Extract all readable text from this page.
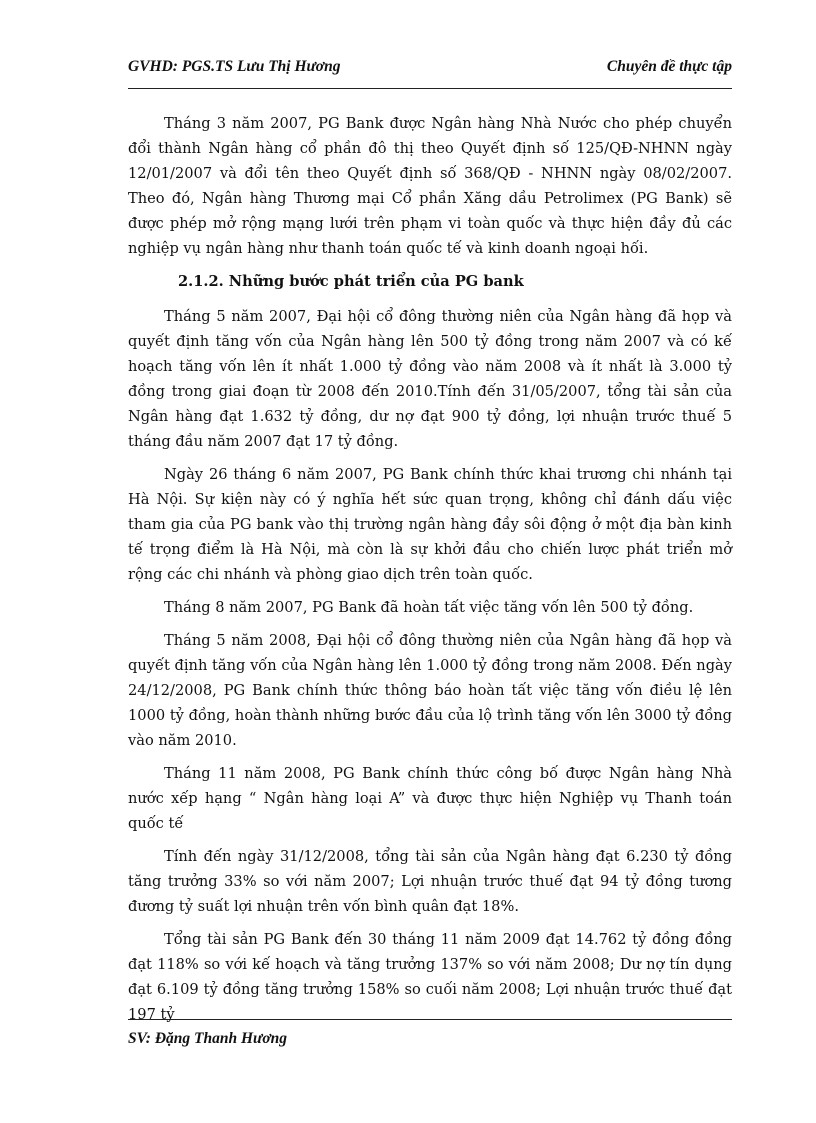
GVHD: PGS.TS Lưu Thị Hương	Chuyên đề thực tập

Tháng 3 năm 2007, PG Bank được Ngân hàng Nhà Nước cho phép chuyển đổi thành Ngân hàng cổ phần đô thị theo Quyết định số 125/QĐ-NHNN ngày 12/01/2007 và đổi tên theo Quyết định số 368/QĐ - NHNN ngày 08/02/2007. Theo đó, Ngân hàng Thương mại Cổ phần Xăng dầu Petrolimex (PG Bank) sẽ được phép mở rộng mạng lưới trên phạm vi toàn quốc và thực hiện đầy đủ các nghiệp vụ ngân hàng như thanh toán quốc tế và kinh doanh ngoại hối.

2.1.2. Những bước phát triển của PG bank

Tháng 5 năm 2007, Đại hội cổ đông thường niên của Ngân hàng đã họp và quyết định tăng vốn của Ngân hàng lên 500 tỷ đồng trong năm 2007 và có kế hoạch tăng vốn lên ít nhất 1.000 tỷ đồng vào năm 2008 và ít nhất là 3.000 tỷ đồng trong giai đoạn từ 2008 đến 2010.Tính đến 31/05/2007, tổng tài sản của Ngân hàng đạt 1.632 tỷ đồng, dư nợ đạt 900 tỷ đồng, lợi nhuận trước thuế 5 tháng đầu năm 2007 đạt 17 tỷ đồng.

Ngày 26 tháng 6 năm 2007, PG Bank chính thức khai trương chi nhánh tại Hà Nội. Sự kiện này có ý nghĩa hết sức quan trọng, không chỉ đánh dấu việc tham gia của PG bank vào thị trường ngân hàng đầy sôi động ở một địa bàn kinh tế trọng điểm là Hà Nội, mà còn là sự khởi đầu cho chiến lược phát triển mở rộng các chi nhánh và phòng giao dịch trên toàn quốc.

Tháng 8 năm 2007, PG Bank đã hoàn tất việc tăng vốn lên 500 tỷ đồng.

Tháng 5 năm 2008, Đại hội cổ đông thường niên của Ngân hàng đã họp và quyết định tăng vốn của Ngân hàng lên 1.000 tỷ đồng trong năm 2008. Đến ngày 24/12/2008, PG Bank chính thức thông báo hoàn tất việc tăng vốn điều lệ lên 1000 tỷ đồng, hoàn thành những bước đầu của lộ trình tăng vốn lên 3000 tỷ đồng vào năm 2010.

Tháng 11 năm 2008, PG Bank chính thức công bố được Ngân hàng Nhà nước xếp hạng “ Ngân hàng loại A” và được thực hiện Nghiệp vụ Thanh toán quốc tế

Tính đến ngày 31/12/2008, tổng tài sản của Ngân hàng đạt 6.230 tỷ đồng tăng trưởng 33% so với năm 2007; Lợi nhuận trước thuế đạt 94 tỷ đồng tương đương tỷ suất lợi nhuận trên vốn bình quân đạt 18%.

Tổng tài sản PG Bank đến 30 tháng 11 năm 2009 đạt 14.762 tỷ đồng đồng đạt 118% so với kế hoạch và tăng trưởng 137% so với năm 2008; Dư nợ tín dụng đạt 6.109 tỷ đồng tăng trưởng 158% so cuối năm 2008; Lợi nhuận trước thuế đạt 197 tỷ

SV: Đặng Thanh Hương
